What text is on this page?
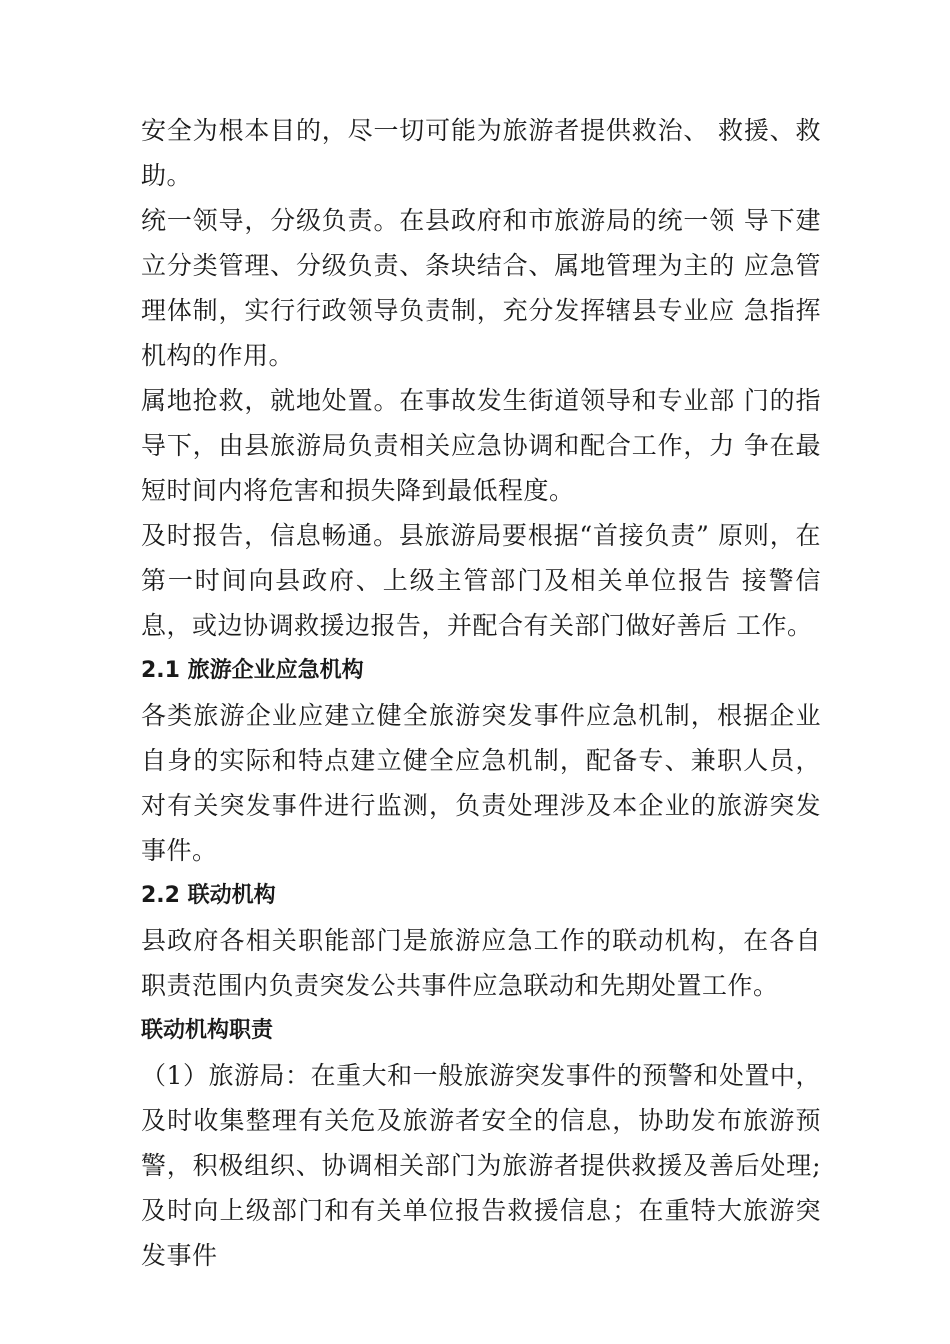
安全为根本目的，尽一切可能为旅游者提供救治、 救援、救助。

统一领导，分级负责。在县政府和市旅游局的统一领 导下建立分类管理、分级负责、条块结合、属地管理为主的 应急管理体制，实行行政领导负责制，充分发挥辖县专业应 急指挥机构的作用。

属地抢救，就地处置。在事故发生街道领导和专业部 门的指导下，由县旅游局负责相关应急协调和配合工作，力 争在最短时间内将危害和损失降到最低程度。

及时报告，信息畅通。县旅游局要根据“首接负责” 原则，在第一时间向县政府、上级主管部门及相关单位报告 接警信息，或边协调救援边报告，并配合有关部门做好善后 工作。

2.1 旅游企业应急机构

各类旅游企业应建立健全旅游突发事件应急机制，根据企业 自身的实际和特点建立健全应急机制，配备专、兼职人员， 对有关突发事件进行监测，负责处理涉及本企业的旅游突发 事件。

2.2 联动机构

县政府各相关职能部门是旅游应急工作的联动机构，在各自 职责范围内负责突发公共事件应急联动和先期处置工作。

联动机构职责

（1）旅游局：在重大和一般旅游突发事件的预警和处置中， 及时收集整理有关危及旅游者安全的信息，协助发布旅游预 警，积极组织、协调相关部门为旅游者提供救援及善后处理; 及时向上级部门和有关单位报告救援信息；在重特大旅游突 发事件
